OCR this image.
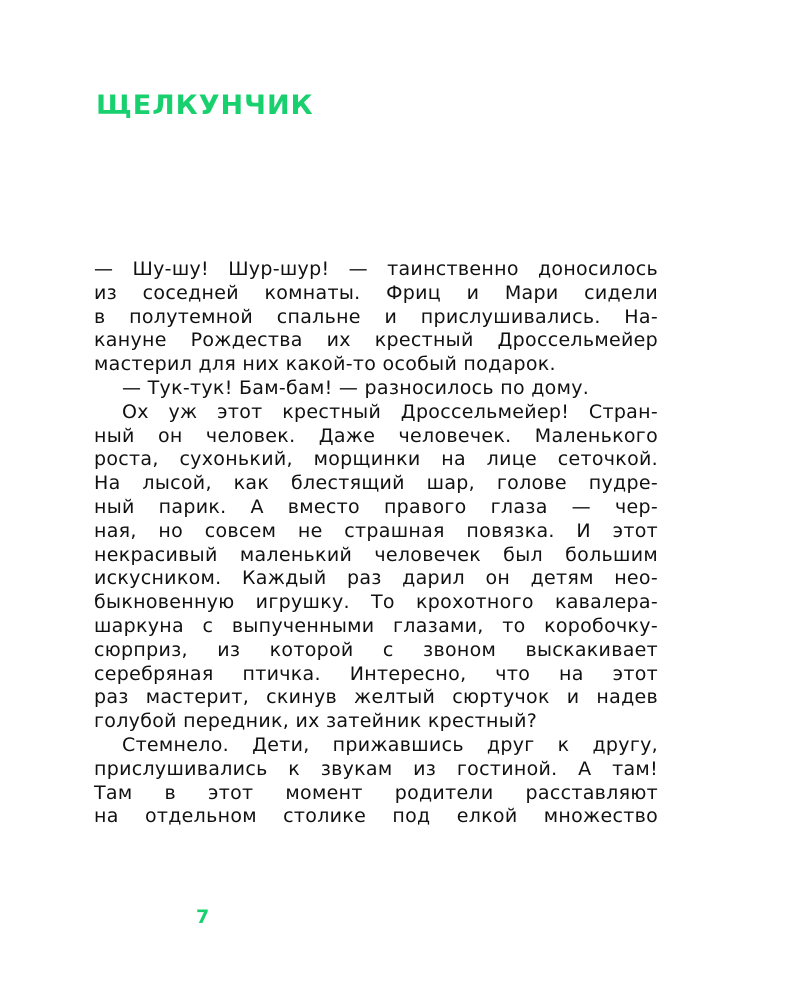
ЩЕЛКУНЧИК
— Шу-шу! Шур-шур! — таинственно доносилось
из соседней комнаты. Фриц и Мари сидели
в полутемной спальне и прислушивались. На-
кануне Рождества их крестный Дроссельмейер
мастерил для них какой-то особый подарок.
— Тук-тук! Бам-бам! — разносилось по дому.
Ох уж этот крестный Дроссельмейер! Стран-
ный он человек. Даже человечек. Маленького
роста, сухонький, морщинки на лице сеточкой.
На лысой, как блестящий шар, голове пудре-
ный парик. А вместо правого глаза — чер-
ная, но совсем не страшная повязка. И этот
некрасивый маленький человечек был большим
искусником. Каждый раз дарил он детям нео-
быкновенную игрушку. То крохотного кавалера-
шаркуна с выпученными глазами, то коробочку-
сюрприз, из которой с звоном выскакивает
серебряная птичка. Интересно, что на этот
раз мастерит, скинув желтый сюртучок и надев
голубой передник, их затейник крестный?
Стемнело. Дети, прижавшись друг к другу,
прислушивались к звукам из гостиной. А там!
Там в этот момент родители расставляют
на отдельном столике под елкой множество
7
